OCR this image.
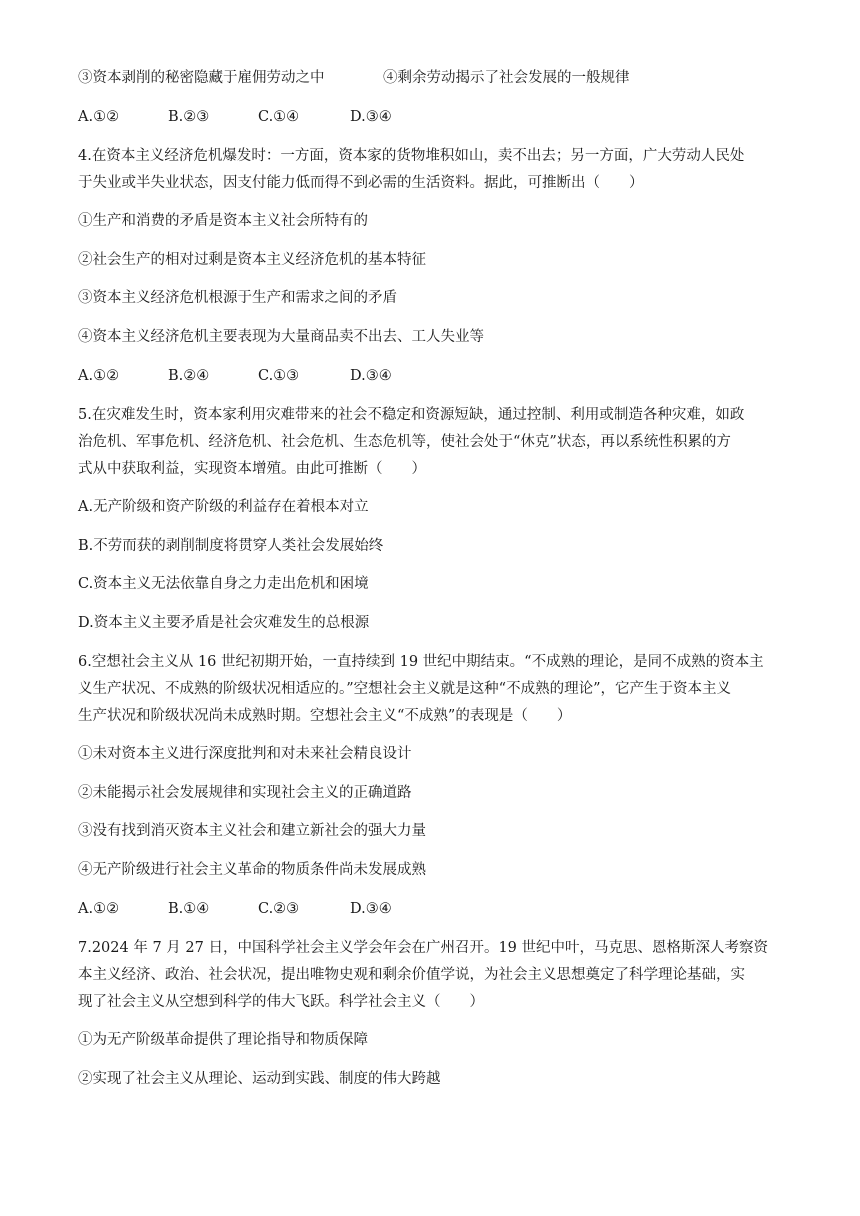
③资本剥削的秘密隐藏于雇佣劳动之中	④剩余劳动揭示了社会发展的一般规律
A.①②	B.②③	C.①④	D.③④
4.在资本主义经济危机爆发时：一方面，资本家的货物堆积如山，卖不出去；另一方面，广大劳动人民处
于失业或半失业状态，因支付能力低而得不到必需的生活资料。据此，可推断出（　　）
①生产和消费的矛盾是资本主义社会所特有的
②社会生产的相对过剩是资本主义经济危机的基本特征
③资本主义经济危机根源于生产和需求之间的矛盾
④资本主义经济危机主要表现为大量商品卖不出去、工人失业等
A.①②	B.②④	C.①③	D.③④
5.在灾难发生时，资本家利用灾难带来的社会不稳定和资源短缺，通过控制、利用或制造各种灾难，如政
治危机、军事危机、经济危机、社会危机、生态危机等，使社会处于“休克”状态，再以系统性积累的方
式从中获取利益，实现资本增殖。由此可推断（　　）
A.无产阶级和资产阶级的利益存在着根本对立
B.不劳而获的剥削制度将贯穿人类社会发展始终
C.资本主义无法依靠自身之力走出危机和困境
D.资本主义主要矛盾是社会灾难发生的总根源
6.空想社会主义从 16 世纪初期开始，一直持续到 19 世纪中期结束。“不成熟的理论，是同不成熟的资本主
义生产状况、不成熟的阶级状况相适应的。”空想社会主义就是这种“不成熟的理论”，它产生于资本主义
生产状况和阶级状况尚未成熟时期。空想社会主义“不成熟”的表现是（　　）
①未对资本主义进行深度批判和对未来社会精良设计
②未能揭示社会发展规律和实现社会主义的正确道路
③没有找到消灭资本主义社会和建立新社会的强大力量
④无产阶级进行社会主义革命的物质条件尚未发展成熟
A.①②	B.①④	C.②③	D.③④
7.2024 年 7 月 27 日，中国科学社会主义学会年会在广州召开。19 世纪中叶，马克思、恩格斯深人考察资
本主义经济、政治、社会状况，提出唯物史观和剩余价值学说，为社会主义思想奠定了科学理论基础，实
现了社会主义从空想到科学的伟大飞跃。科学社会主义（　　）
①为无产阶级革命提供了理论指导和物质保障
②实现了社会主义从理论、运动到实践、制度的伟大跨越
